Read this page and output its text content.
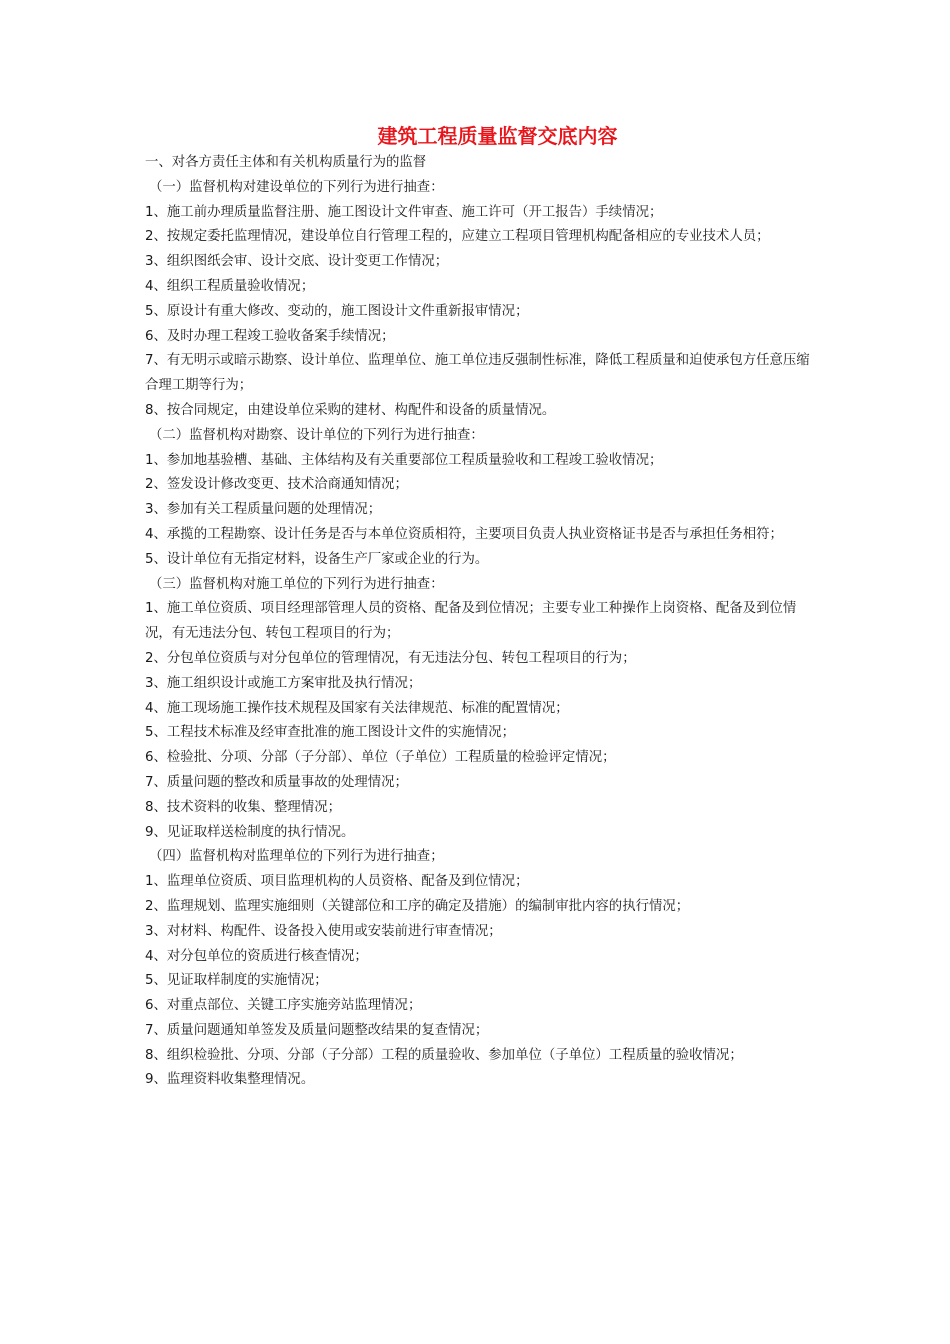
建筑工程质量监督交底内容
一、对各方责任主体和有关机构质量行为的监督
（一）监督机构对建设单位的下列行为进行抽查：
1、施工前办理质量监督注册、施工图设计文件审查、施工许可（开工报告）手续情况；
2、按规定委托监理情况，建设单位自行管理工程的，应建立工程项目管理机构配备相应的专业技术人员；
3、组织图纸会审、设计交底、设计变更工作情况；
4、组织工程质量验收情况；
5、原设计有重大修改、变动的，施工图设计文件重新报审情况；
6、及时办理工程竣工验收备案手续情况；
7、有无明示或暗示勘察、设计单位、监理单位、施工单位违反强制性标准，降低工程质量和迫使承包方任意压缩合理工期等行为；
8、按合同规定，由建设单位采购的建材、构配件和设备的质量情况。
（二）监督机构对勘察、设计单位的下列行为进行抽查：
1、参加地基验槽、基础、主体结构及有关重要部位工程质量验收和工程竣工验收情况；
2、签发设计修改变更、技术洽商通知情况；
3、参加有关工程质量问题的处理情况；
4、承揽的工程勘察、设计任务是否与本单位资质相符，主要项目负责人执业资格证书是否与承担任务相符；
5、设计单位有无指定材料，设备生产厂家或企业的行为。
（三）监督机构对施工单位的下列行为进行抽查：
1、施工单位资质、项目经理部管理人员的资格、配备及到位情况；主要专业工种操作上岗资格、配备及到位情况，有无违法分包、转包工程项目的行为；
2、分包单位资质与对分包单位的管理情况，有无违法分包、转包工程项目的行为；
3、施工组织设计或施工方案审批及执行情况；
4、施工现场施工操作技术规程及国家有关法律规范、标准的配置情况；
5、工程技术标准及经审查批准的施工图设计文件的实施情况；
6、检验批、分项、分部（子分部）、单位（子单位）工程质量的检验评定情况；
7、质量问题的整改和质量事故的处理情况；
8、技术资料的收集、整理情况；
9、见证取样送检制度的执行情况。
（四）监督机构对监理单位的下列行为进行抽查；
1、监理单位资质、项目监理机构的人员资格、配备及到位情况；
2、监理规划、监理实施细则（关键部位和工序的确定及措施）的编制审批内容的执行情况；
3、对材料、构配件、设备投入使用或安装前进行审查情况；
4、对分包单位的资质进行核查情况；
5、见证取样制度的实施情况；
6、对重点部位、关键工序实施旁站监理情况；
7、质量问题通知单签发及质量问题整改结果的复查情况；
8、组织检验批、分项、分部（子分部）工程的质量验收、参加单位（子单位）工程质量的验收情况；
9、监理资料收集整理情况。
